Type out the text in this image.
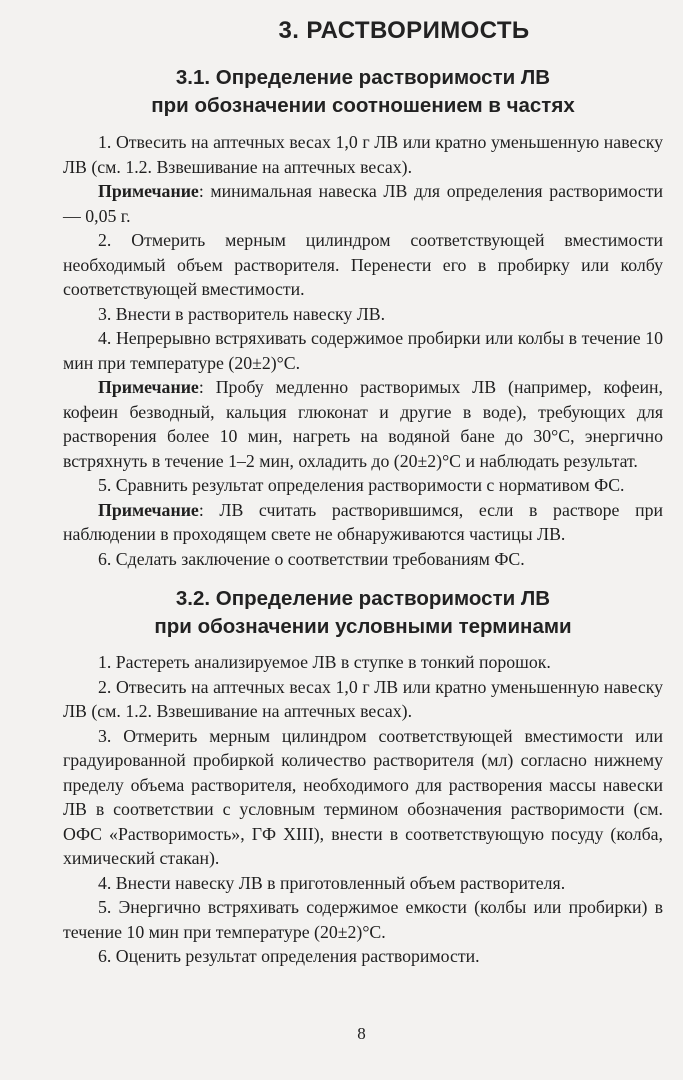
3. РАСТВОРИМОСТЬ
3.1. Определение растворимости ЛВ
при обозначении соотношением в частях

1. Отвесить на аптечных весах 1,0 г ЛВ или кратно уменьшенную навеску ЛВ (см. 1.2. Взвешивание на аптечных весах).

Примечание: минимальная навеска ЛВ для определения растворимости — 0,05 г.

2. Отмерить мерным цилиндром соответствующей вместимости необходимый объем растворителя. Перенести его в пробирку или колбу соответствующей вместимости.

3. Внести в растворитель навеску ЛВ.

4. Непрерывно встряхивать содержимое пробирки или колбы в течение 10 мин при температуре (20±2)°С.

Примечание: Пробу медленно растворимых ЛВ (например, кофеин, кофеин безводный, кальция глюконат и другие в воде), требующих для растворения более 10 мин, нагреть на водяной бане до 30°С, энергично встряхнуть в течение 1–2 мин, охладить до (20±2)°С и наблюдать результат.

5. Сравнить результат определения растворимости с нормативом ФС.

Примечание: ЛВ считать растворившимся, если в растворе при наблюдении в проходящем свете не обнаруживаются частицы ЛВ.

6. Сделать заключение о соответствии требованиям ФС.

3.2. Определение растворимости ЛВ
при обозначении условными терминами

1. Растереть анализируемое ЛВ в ступке в тонкий порошок.

2. Отвесить на аптечных весах 1,0 г ЛВ или кратно уменьшенную навеску ЛВ (см. 1.2. Взвешивание на аптечных весах).

3. Отмерить мерным цилиндром соответствующей вместимости или градуированной пробиркой количество растворителя (мл) согласно нижнему пределу объема растворителя, необходимого для растворения массы навески ЛВ в соответствии с условным термином обозначения растворимости (см. ОФС «Растворимость», ГФ XIII), внести в соответствующую посуду (колба, химический стакан).

4. Внести навеску ЛВ в приготовленный объем растворителя.

5. Энергично встряхивать содержимое емкости (колбы или пробирки) в течение 10 мин при температуре (20±2)°С.

6. Оценить результат определения растворимости.

8
